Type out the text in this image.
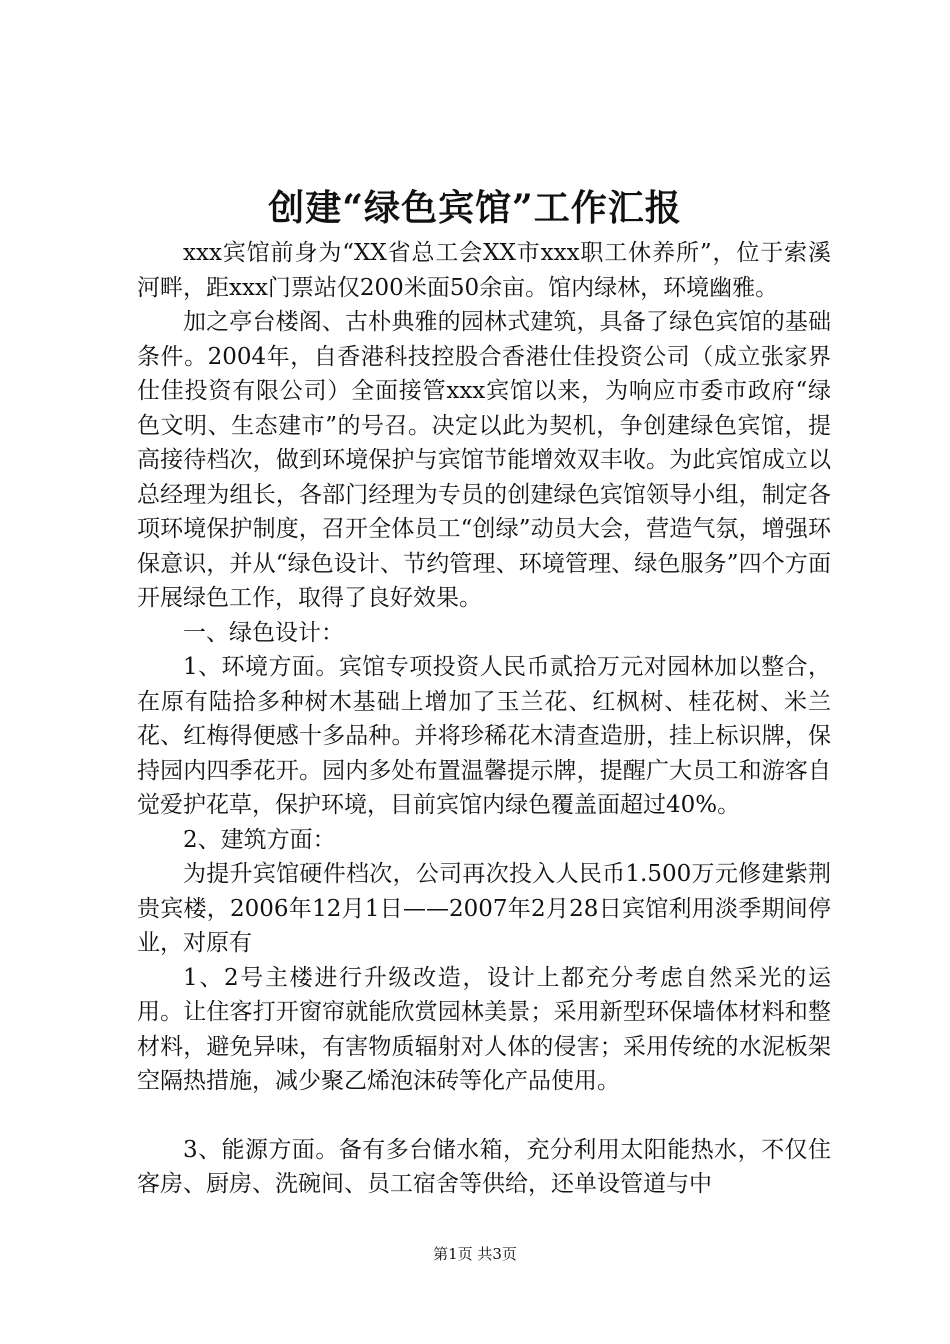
创建“绿色宾馆”工作汇报

xxx宾馆前身为“XX省总工会XX市xxx职工休养所”，位于索溪河畔，距xxx门票站仅200米面50余亩。馆内绿林，环境幽雅。

加之亭台楼阁、古朴典雅的园林式建筑，具备了绿色宾馆的基础条件。2004年，自香港科技控股合香港仕佳投资公司（成立张家界仕佳投资有限公司）全面接管xxx宾馆以来，为响应市委市政府“绿色文明、生态建市”的号召。决定以此为契机，争创建绿色宾馆，提高接待档次，做到环境保护与宾馆节能增效双丰收。为此宾馆成立以总经理为组长，各部门经理为专员的创建绿色宾馆领导小组，制定各项环境保护制度，召开全体员工“创绿”动员大会，营造气氛，增强环保意识，并从“绿色设计、节约管理、环境管理、绿色服务”四个方面开展绿色工作，取得了良好效果。

一、绿色设计：

1、环境方面。宾馆专项投资人民币贰拾万元对园林加以整合，在原有陆拾多种树木基础上增加了玉兰花、红枫树、桂花树、米兰花、红梅得便感十多品种。并将珍稀花木清查造册，挂上标识牌，保持园内四季花开。园内多处布置温馨提示牌，提醒广大员工和游客自觉爱护花草，保护环境，目前宾馆内绿色覆盖面超过40%。

2、建筑方面：

为提升宾馆硬件档次，公司再次投入人民币1.500万元修建紫荆贵宾楼，2006年12月1日——2007年2月28日宾馆利用淡季期间停业，对原有

1、2号主楼进行升级改造，设计上都充分考虑自然采光的运用。让住客打开窗帘就能欣赏园林美景；采用新型环保墙体材料和整材料，避免异味，有害物质辐射对人体的侵害；采用传统的水泥板架空隔热措施，减少聚乙烯泡沫砖等化产品使用。

3、能源方面。备有多台储水箱，充分利用太阳能热水，不仅住客房、厨房、洗碗间、员工宿舍等供给，还单设管道与中

第1页 共3页
